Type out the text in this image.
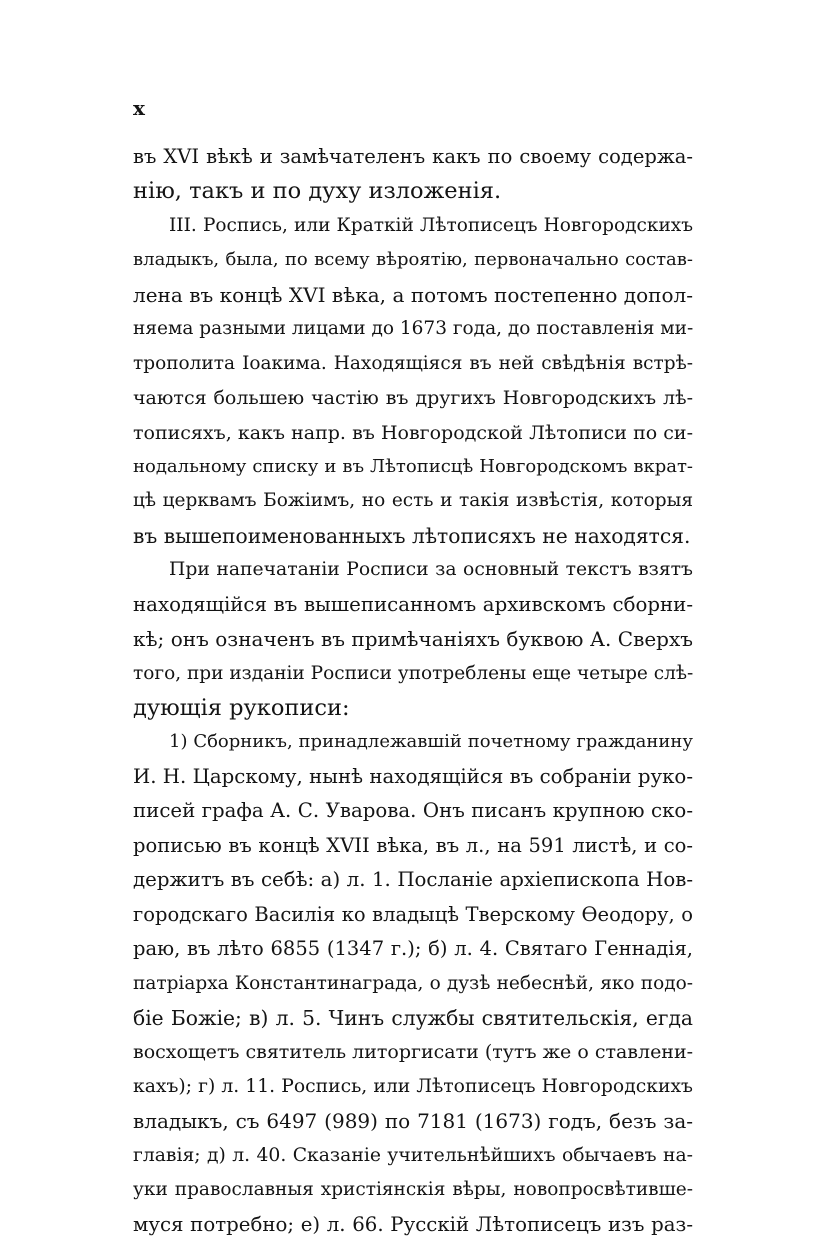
x
въ XVI вѣкѣ и замѣчателенъ какъ по своему содержа-
нію, такъ и по духу изложенія.
III. Роспись, или Краткій Лѣтописецъ Новгородскихъ
владыкъ, была, по всему вѣроятію, первоначально состав-
лена въ концѣ XVI вѣка, а потомъ постепенно допол-
няема разными лицами до 1673 года, до поставленія ми-
трополита Іоакима. Находящіяся въ ней свѣдѣнія встрѣ-
чаются большею частію въ другихъ Новгородскихъ лѣ-
тописяхъ, какъ напр. въ Новгородской Лѣтописи по си-
нодальному списку и въ Лѣтописцѣ Новгородскомъ вкрат-
цѣ церквамъ Божіимъ, но есть и такія извѣстія, которыя
въ вышепоименованныхъ лѣтописяхъ не находятся.
При напечатаніи Росписи за основный текстъ взятъ
находящійся въ вышеписанномъ архивскомъ сборни-
кѣ; онъ означенъ въ примѣчаніяхъ буквою А. Сверхъ
того, при изданіи Росписи употреблены еще четыре слѣ-
дующія рукописи:
1) Сборникъ, принадлежавшій почетному гражданину
И. Н. Царскому, нынѣ находящійся въ собраніи руко-
писей графа А. С. Уварова. Онъ писанъ крупною ско-
рописью въ концѣ XVII вѣка, въ л., на 591 листѣ, и со-
держитъ въ себѣ: а) л. 1. Посланіе архіепископа Нов-
городскаго Василія ко владыцѣ Тверскому Ѳеодору, о
раю, въ лѣто 6855 (1347 г.); б) л. 4. Святаго Геннадія,
патріарха Константинаграда, о дузѣ небеснѣй, яко подо-
біе Божіе; в) л. 5. Чинъ службы святительскія, егда
восхощетъ святитель литоргисати (тутъ же о ставлени-
кахъ); г) л. 11. Роспись, или Лѣтописецъ Новгородскихъ
владыкъ, съ 6497 (989) по 7181 (1673) годъ, безъ за-
главія; д) л. 40. Сказаніе учительнѣйшихъ обычаевъ на-
уки православныя христіянскія вѣры, новопросвѣтивше-
муся потребно; е) л. 66. Русскій Лѣтописецъ изъ раз-
